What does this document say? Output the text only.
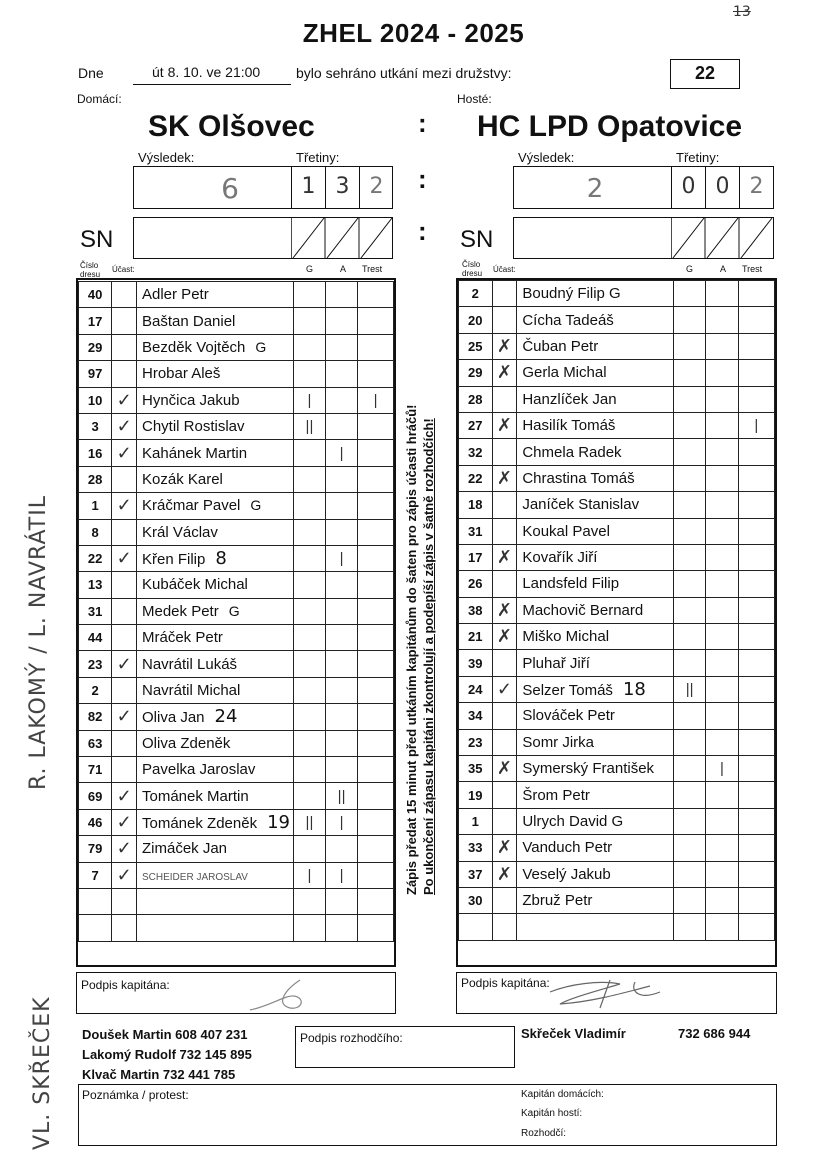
ZHEL 2024 - 2025
13
Dne	út 8. 10. ve 21:00	bylo sehráno utkání mezi družstvy:	22
Domácí:	Hosté:
SK Olšovec	: HC LPD Opatovice
Výsledek:	Třetiny:
6	1 3 2	:
Výsledek:	Třetiny:
2	0 0 2
SN	: SN
Číslo dresu
Účast:	G	A Trest	Číslo dresu	Účast:	G	A Trest
40		Adler Petr			
17		Baštan Daniel			
29		Bezděk Vojtěch G			
97		Hrobar Aleš			
10	✓	Hynčica Jakub	|		|
3	✓	Chytil Rostislav	||		
16	✓	Kahánek Martin		|	
28		Kozák Karel			
1	✓	Kráčmar Pavel G			
8		Král Václav			
22	✓	Křen Filip 8		|	
13		Kubáček Michal			
31		Medek Petr G			
44		Mráček Petr			
23	✓	Navrátil Lukáš			
2		Navrátil Michal			
82	✓	Oliva Jan 24			
63		Oliva Zdeněk			
71		Pavelka Jaroslav			
69	✓	Tománek Martin		||	
46	✓	Tománek Zdeněk 19	||	|	
79	✓	Zimáček Jan			
7	✓	SCHEIDER JAROSLAV	|	|	

2		Boudný Filip G			
20		Cícha Tadeáš			
25	✗	Čuban Petr			
29	✗	Gerla Michal			
28		Hanzlíček Jan			
27	✗	Hasilík Tomáš			|
32		Chmela Radek			
22	✗	Chrastina Tomáš			
18		Janíček Stanislav			
31		Koukal Pavel			
17	✗	Kovařík Jiří			
26		Landsfeld Filip			
38	✗	Machovič Bernard			
21	✗	Miško Michal			
39		Pluhař Jiří			
24	✓	Selzer Tomáš 18	||		
34		Slováček Petr			
23		Somr Jirka			
35	✗	Symerský František		|	
19		Šrom Petr			
1		Ulrych David G			
33	✗	Vanduch Petr			
37	✗	Veselý Jakub			
30		Zbruž Petr			

Zápis předat 15 minut před utkáním kapitánům do šaten pro zápis účasti hráčů! Po ukončení zápasu kapitáni zkontrolují a podepíší zápis v šatně rozhodčích!
R. LAKOMÝ / L. NAVRÁTIL
VL. SKŘEČEK
Podpis kapitána:	Podpis kapitána:
Doušek Martin 608 407 231
Lakomý Rudolf 732 145 895
Klvač Martin 732 441 785
Podpis rozhodčího:	Skřeček Vladimír	732 686 944
Poznámka / protest:	Kapitán domácích:
Kapitán hostí:
Rozhodčí:
